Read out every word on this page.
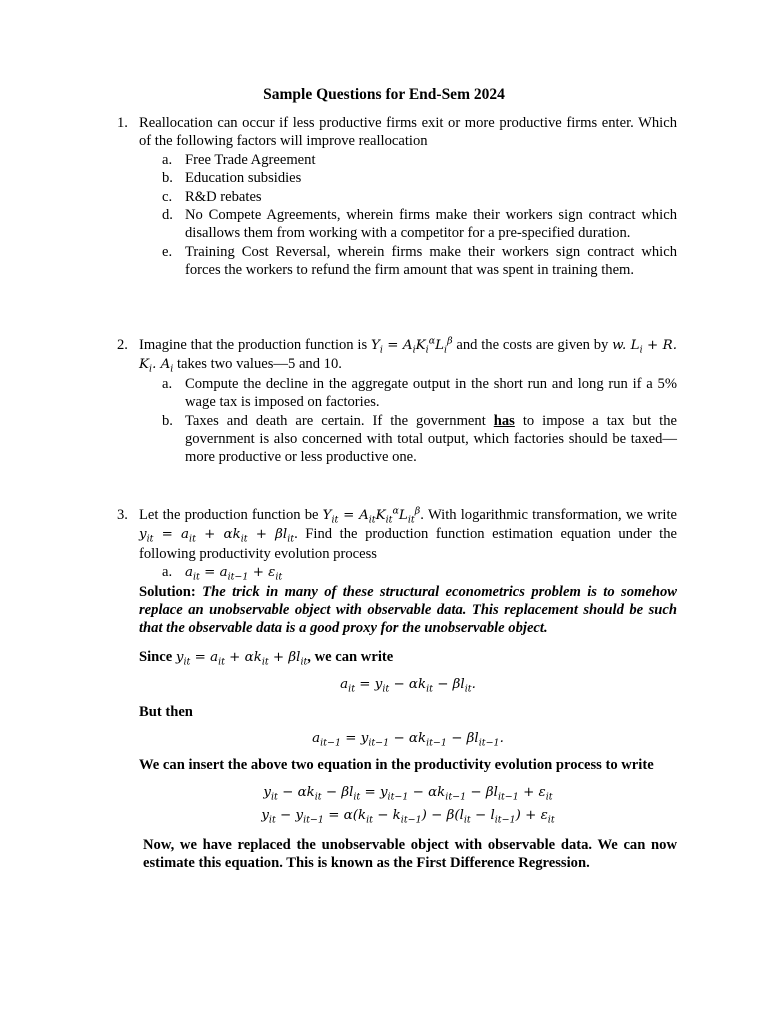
Sample Questions for End-Sem 2024
1. Reallocation can occur if less productive firms exit or more productive firms enter. Which of the following factors will improve reallocation
a. Free Trade Agreement
b. Education subsidies
c. R&D rebates
d. No Compete Agreements, wherein firms make their workers sign contract which disallows them from working with a competitor for a pre-specified duration.
e. Training Cost Reversal, wherein firms make their workers sign contract which forces the workers to refund the firm amount that was spent in training them.
2. Imagine that the production function is $Y_i = A_iK_i^\alpha L_i^\beta$ and the costs are given by w. $L_i + R$. $K_i$. $A_i$ takes two values—5 and 10.
a. Compute the decline in the aggregate output in the short run and long run if a 5% wage tax is imposed on factories.
b. Taxes and death are certain. If the government has to impose a tax but the government is also concerned with total output, which factories should be taxed—more productive or less productive one.
3. Let the production function be $Y_{it} = A_{it}K_{it}^\alpha L_{it}^\beta$. With logarithmic transformation, we write $y_{it} = a_{it} + \alpha k_{it} + \beta l_{it}$. Find the production function estimation equation under the following productivity evolution process
a. $a_{it} = a_{it-1} + \varepsilon_{it}$
Solution: The trick in many of these structural econometrics problem is to somehow replace an unobservable object with observable data. This replacement should be such that the observable data is a good proxy for the unobservable object.
Since $y_{it} = a_{it} + \alpha k_{it} + \beta l_{it}$, we can write
$a_{it} = y_{it} - \alpha k_{it} - \beta l_{it}$.
But then
$a_{it-1} = y_{it-1} - \alpha k_{it-1} - \beta l_{it-1}$.
We can insert the above two equation in the productivity evolution process to write
$y_{it} - \alpha k_{it} - \beta l_{it} = y_{it-1} - \alpha k_{it-1} - \beta l_{it-1} + \varepsilon_{it}$
$y_{it} - y_{it-1} = \alpha(k_{it} - k_{it-1}) - \beta(l_{it} - l_{it-1}) + \varepsilon_{it}$
Now, we have replaced the unobservable object with observable data. We can now estimate this equation. This is known as the First Difference Regression.
